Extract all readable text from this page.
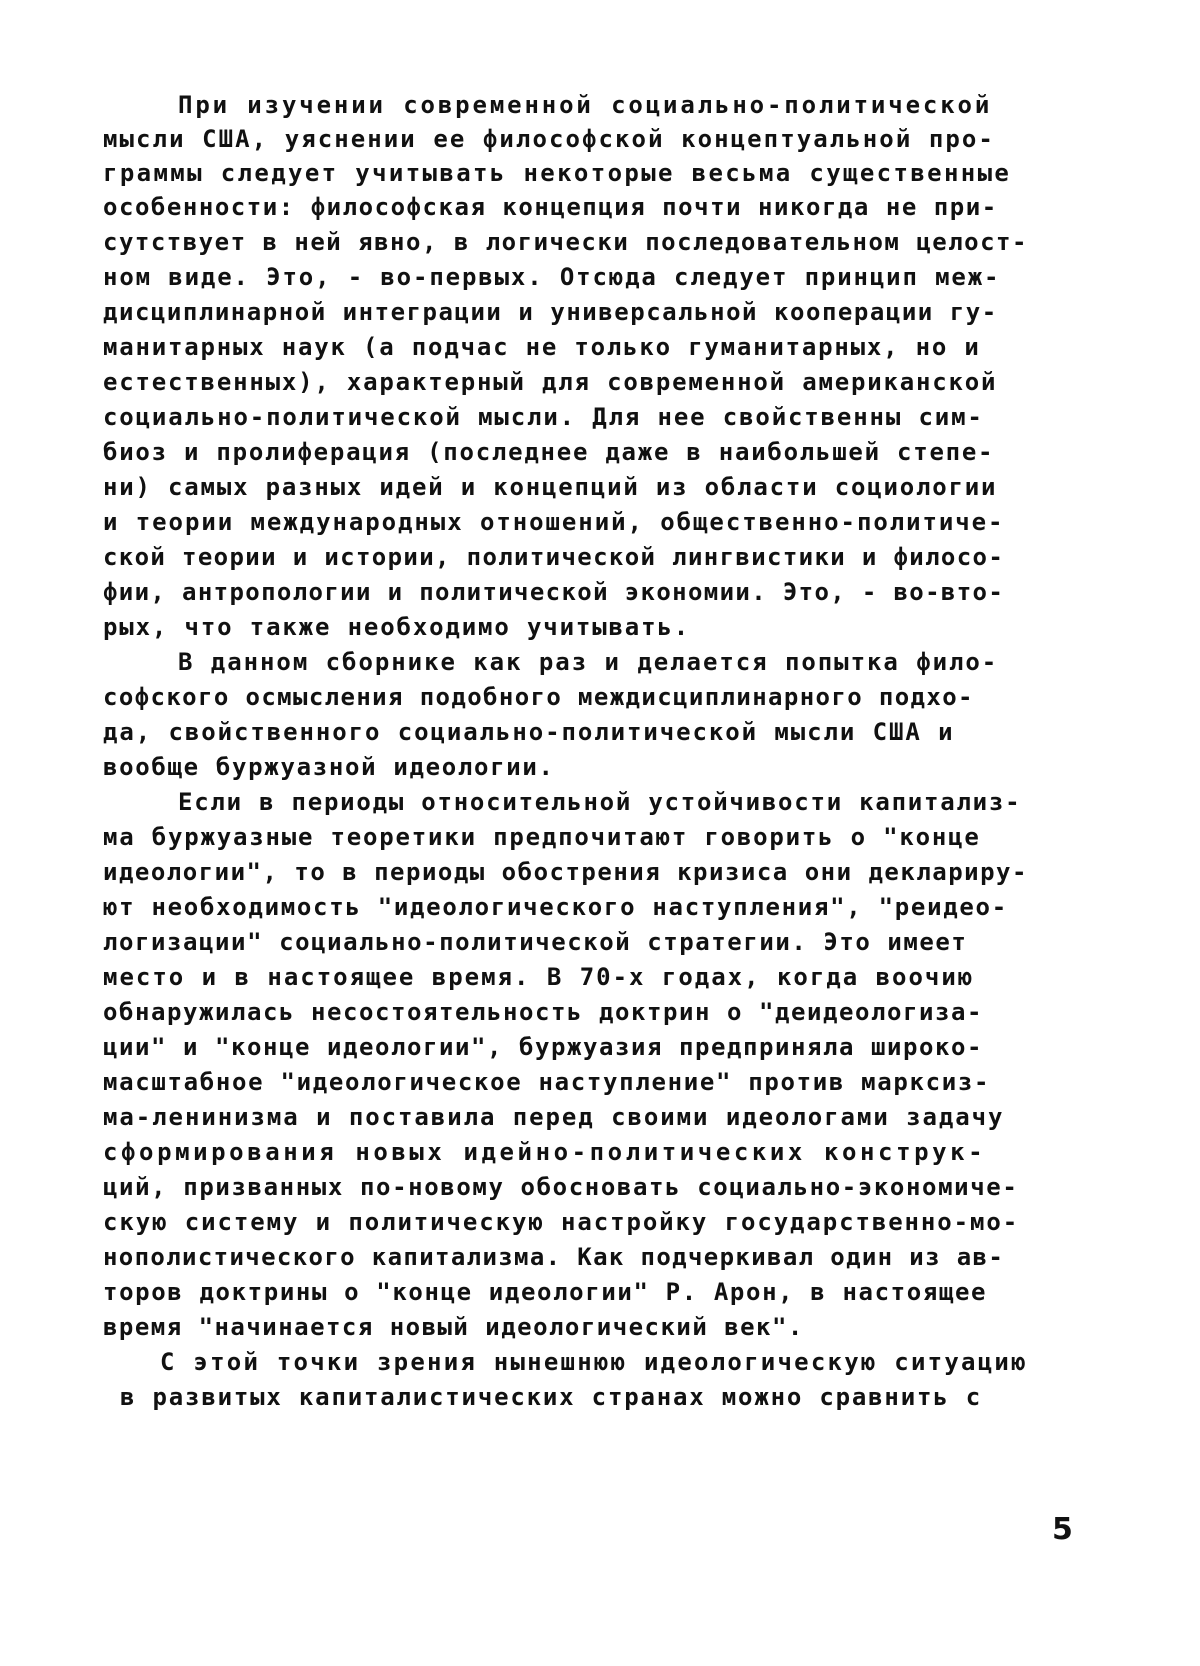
При изучении современной социально-политической
мысли США, уяснении ее философской концептуальной про-
граммы следует учитывать некоторые весьма существенные
особенности: философская концепция почти никогда не при-
сутствует в ней явно, в логически последовательном целост-
ном виде. Это, - во-первых. Отсюда следует принцип меж-
дисциплинарной интеграции и универсальной кооперации гу-
манитарных наук (а подчас не только гуманитарных, но и
естественных), характерный для современной американской
социально-политической мысли. Для нее свойственны сим-
биоз и пролиферация (последнее даже в наибольшей степе-
ни) самых разных идей и концепций из области социологии
и теории международных отношений, общественно-политиче-
ской теории и истории, политической лингвистики и филосо-
фии, антропологии и политической экономии. Это, - во-вто-
рых, что также необходимо учитывать.
В данном сборнике как раз и делается попытка фило-
софского осмысления подобного междисциплинарного подхо-
да, свойственного социально-политической мысли США и
вообще буржуазной идеологии.
Если в периоды относительной устойчивости капитализ-
ма буржуазные теоретики предпочитают говорить о "конце
идеологии", то в периоды обострения кризиса они деклариру-
ют необходимость "идеологического наступления", "реидео-
логизации" социально-политической стратегии. Это имеет
место и в настоящее время. В 70-х годах, когда воочию
обнаружилась несостоятельность доктрин о "деидеологиза-
ции" и "конце идеологии", буржуазия предприняла широко-
масштабное "идеологическое наступление" против марксиз-
ма-ленинизма и поставила перед своими идеологами задачу
сформирования новых идейно-политических конструк-
ций, призванных по-новому обосновать социально-экономиче-
скую систему и политическую настройку государственно-мо-
нополистического капитализма. Как подчеркивал один из ав-
торов доктрины о "конце идеологии" Р. Арон, в настоящее
время "начинается новый идеологический век".
С этой точки зрения нынешнюю идеологическую ситуацию
в развитых капиталистических странах можно сравнить с
5
